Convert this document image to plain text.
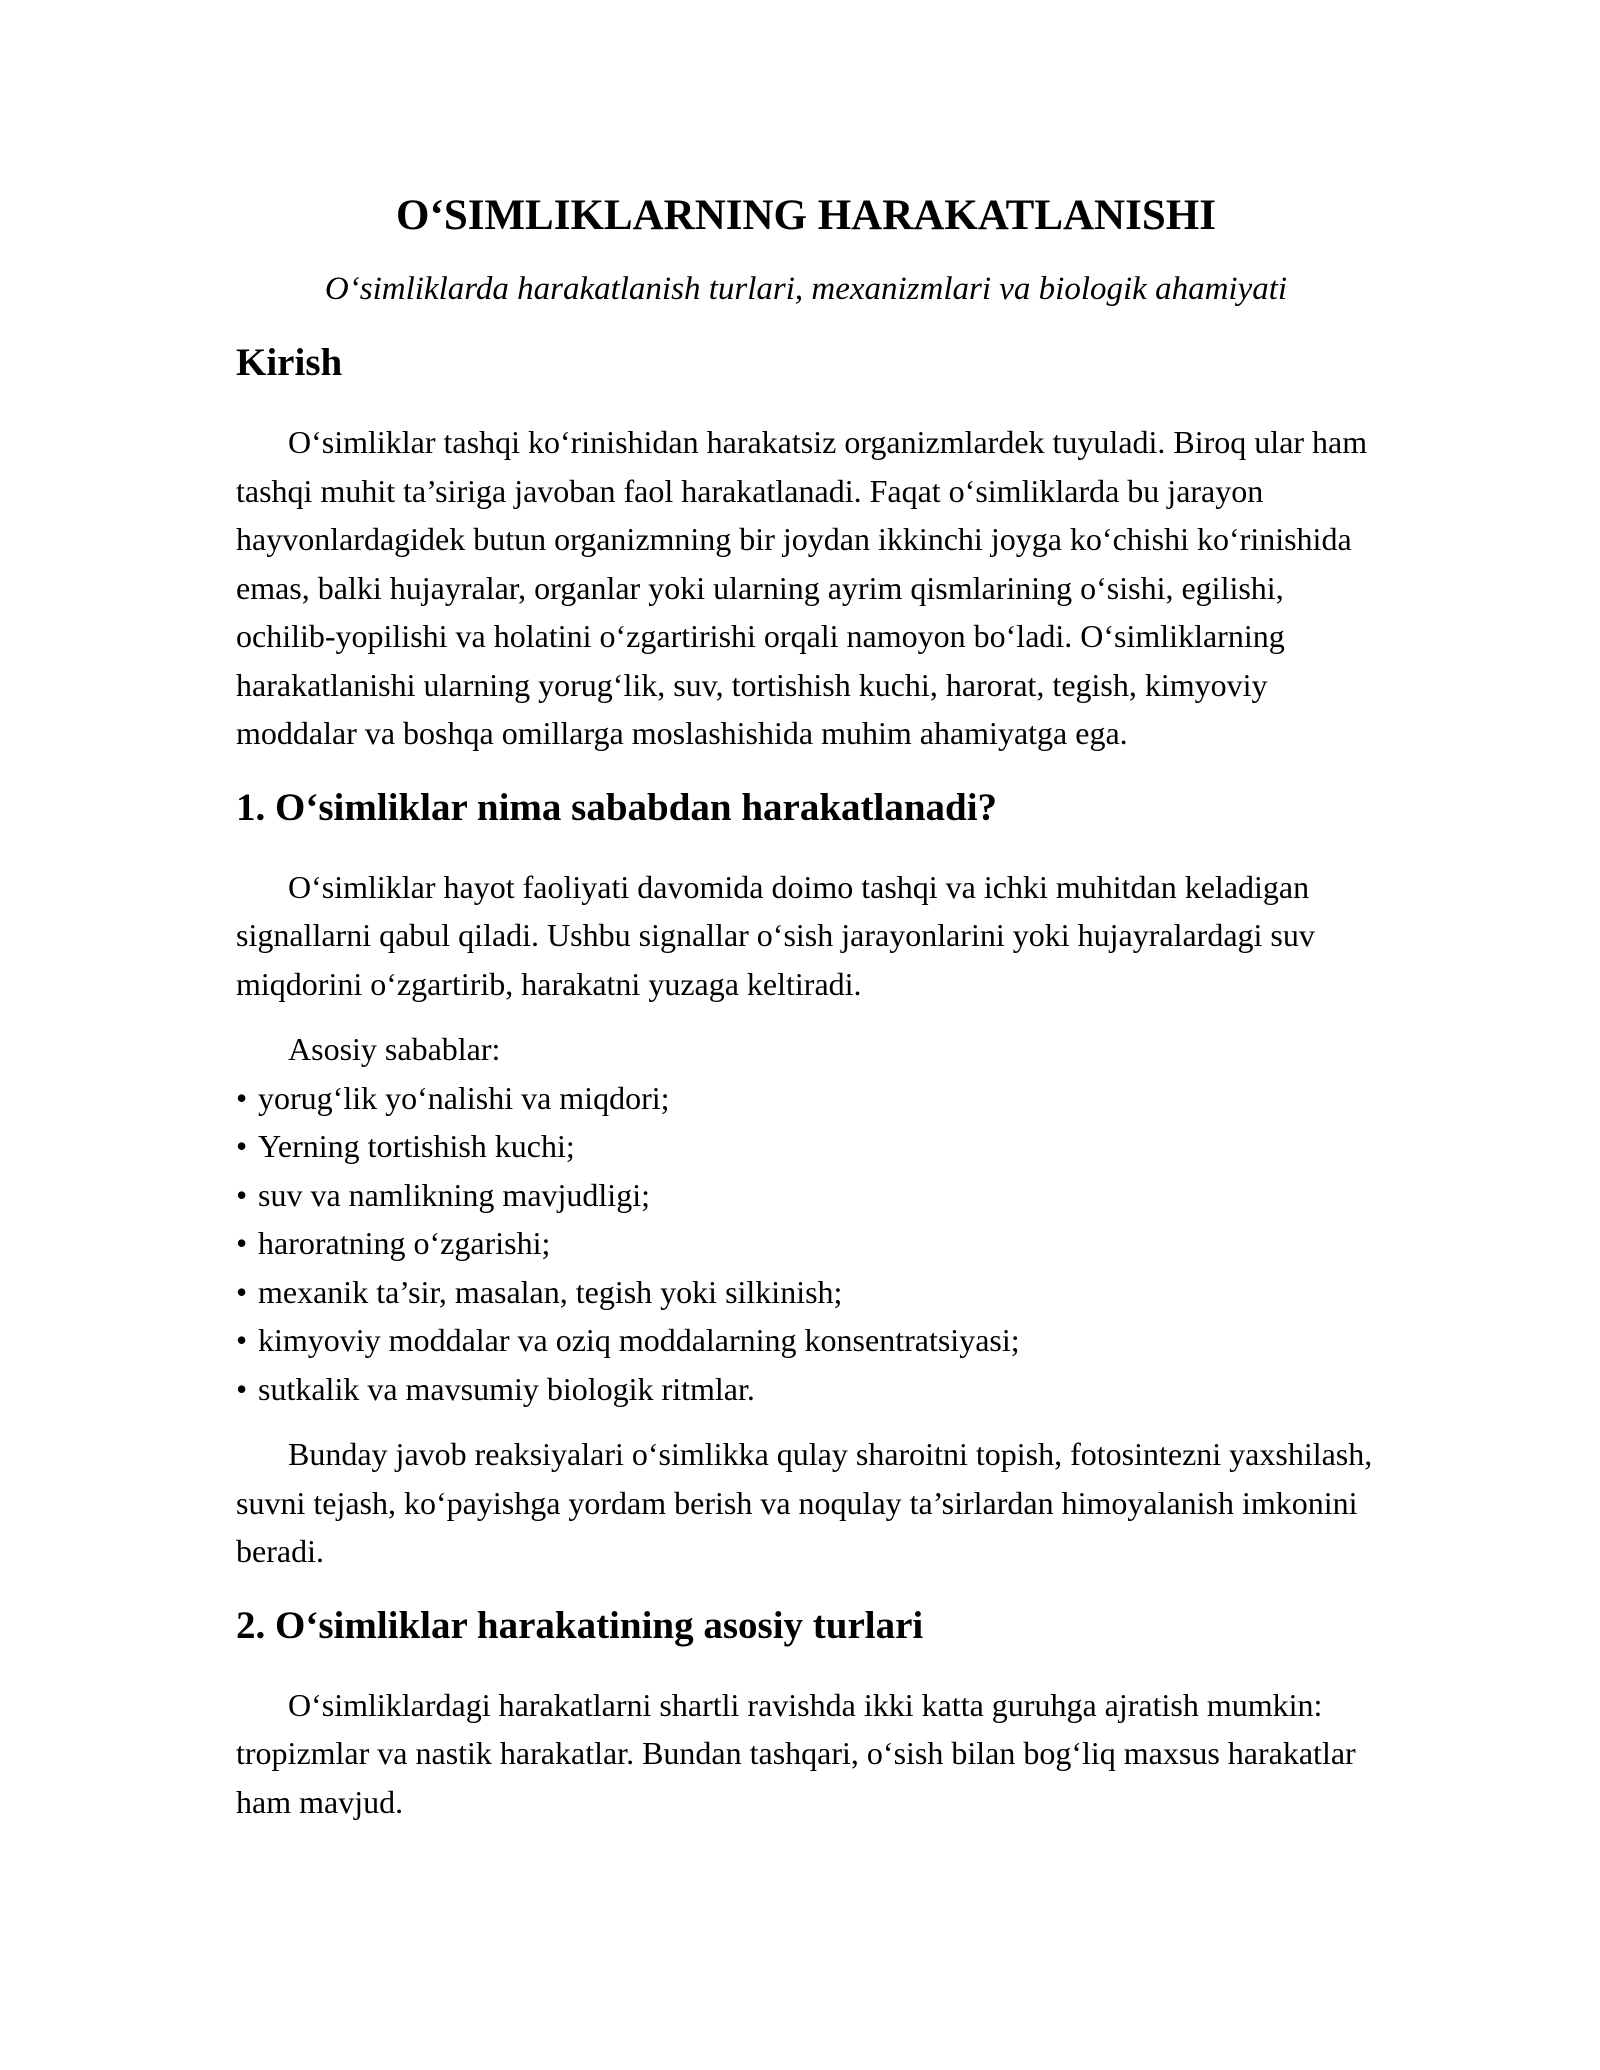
O‘SIMLIKLARNING HARAKATLANISHI
O‘simliklarda harakatlanish turlari, mexanizmlari va biologik ahamiyati
Kirish

O‘simliklar tashqi ko‘rinishidan harakatsiz organizmlardek tuyuladi. Biroq ular ham tashqi muhit ta’siriga javoban faol harakatlanadi. Faqat o‘simliklarda bu jarayon hayvonlardagidek butun organizmning bir joydan ikkinchi joyga ko‘chishi ko‘rinishida emas, balki hujayralar, organlar yoki ularning ayrim qismlarining o‘sishi, egilishi, ochilib-yopilishi va holatini o‘zgartirishi orqali namoyon bo‘ladi. O‘simliklarning harakatlanishi ularning yorug‘lik, suv, tortishish kuchi, harorat, tegish, kimyoviy moddalar va boshqa omillarga moslashishida muhim ahamiyatga ega.

1. O‘simliklar nima sababdan harakatlanadi?

O‘simliklar hayot faoliyati davomida doimo tashqi va ichki muhitdan keladigan signallarni qabul qiladi. Ushbu signallar o‘sish jarayonlarini yoki hujayralardagi suv miqdorini o‘zgartirib, harakatni yuzaga keltiradi.

Asosiy sabablar:
• yorug‘lik yo‘nalishi va miqdori;
• Yerning tortishish kuchi;
• suv va namlikning mavjudligi;
• haroratning o‘zgarishi;
• mexanik ta’sir, masalan, tegish yoki silkinish;
• kimyoviy moddalar va oziq moddalarning konsentratsiyasi;
• sutkalik va mavsumiy biologik ritmlar.

Bunday javob reaksiyalari o‘simlikka qulay sharoitni topish, fotosintezni yaxshilash, suvni tejash, ko‘payishga yordam berish va noqulay ta’sirlardan himoyalanish imkonini beradi.

2. O‘simliklar harakatining asosiy turlari

O‘simliklardagi harakatlarni shartli ravishda ikki katta guruhga ajratish mumkin: tropizmlar va nastik harakatlar. Bundan tashqari, o‘sish bilan bog‘liq maxsus harakatlar ham mavjud.
